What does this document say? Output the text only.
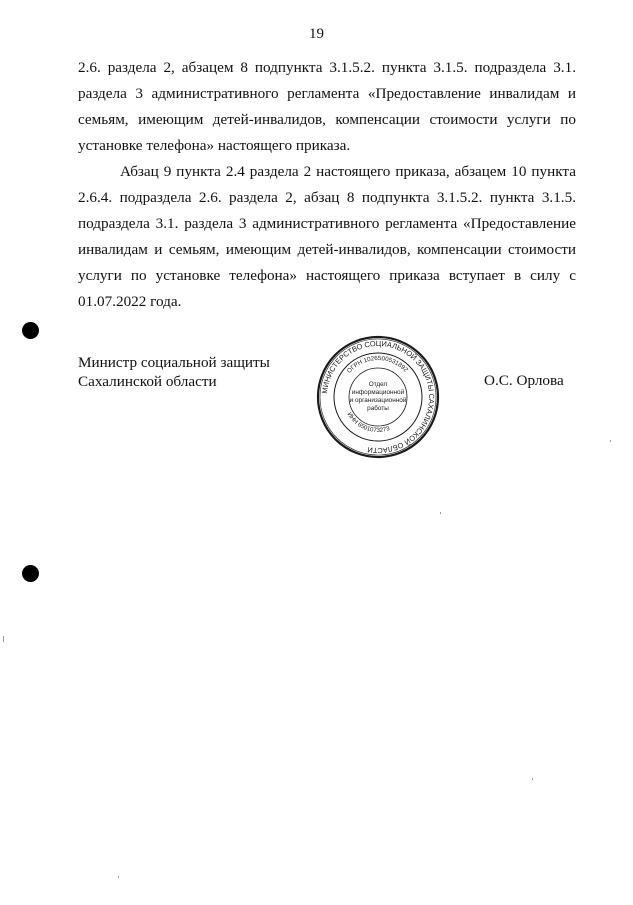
19
2.6. раздела 2, абзацем 8 подпункта 3.1.5.2. пункта 3.1.5. подраздела 3.1.
раздела 3 административного регламента «Предоставление инвалидам и
семьям, имеющим детей-инвалидов, компенсации стоимости услуги по
установке телефона» настоящего приказа.
Абзац 9 пункта 2.4 раздела 2 настоящего приказа, абзацем 10 пункта
2.6.4. подраздела 2.6. раздела 2, абзац 8 подпункта 3.1.5.2. пункта 3.1.5.
подраздела 3.1. раздела 3 административного регламента «Предоставление
инвалидам и семьям, имеющим детей-инвалидов, компенсации стоимости
услуги по установке телефона» настоящего приказа вступает в силу с
01.07.2022 года.
Министр социальной защиты
Сахалинской области
МИНИСТЕРСТВО СОЦИАЛЬНОЙ ЗАЩИТЫ САХАЛИНСКОЙ ОБЛАСТИ
ОГРН 1026500531892
ИНН 6501073273
Отдел
информационной
и организационной
работы
О.С. Орлова
